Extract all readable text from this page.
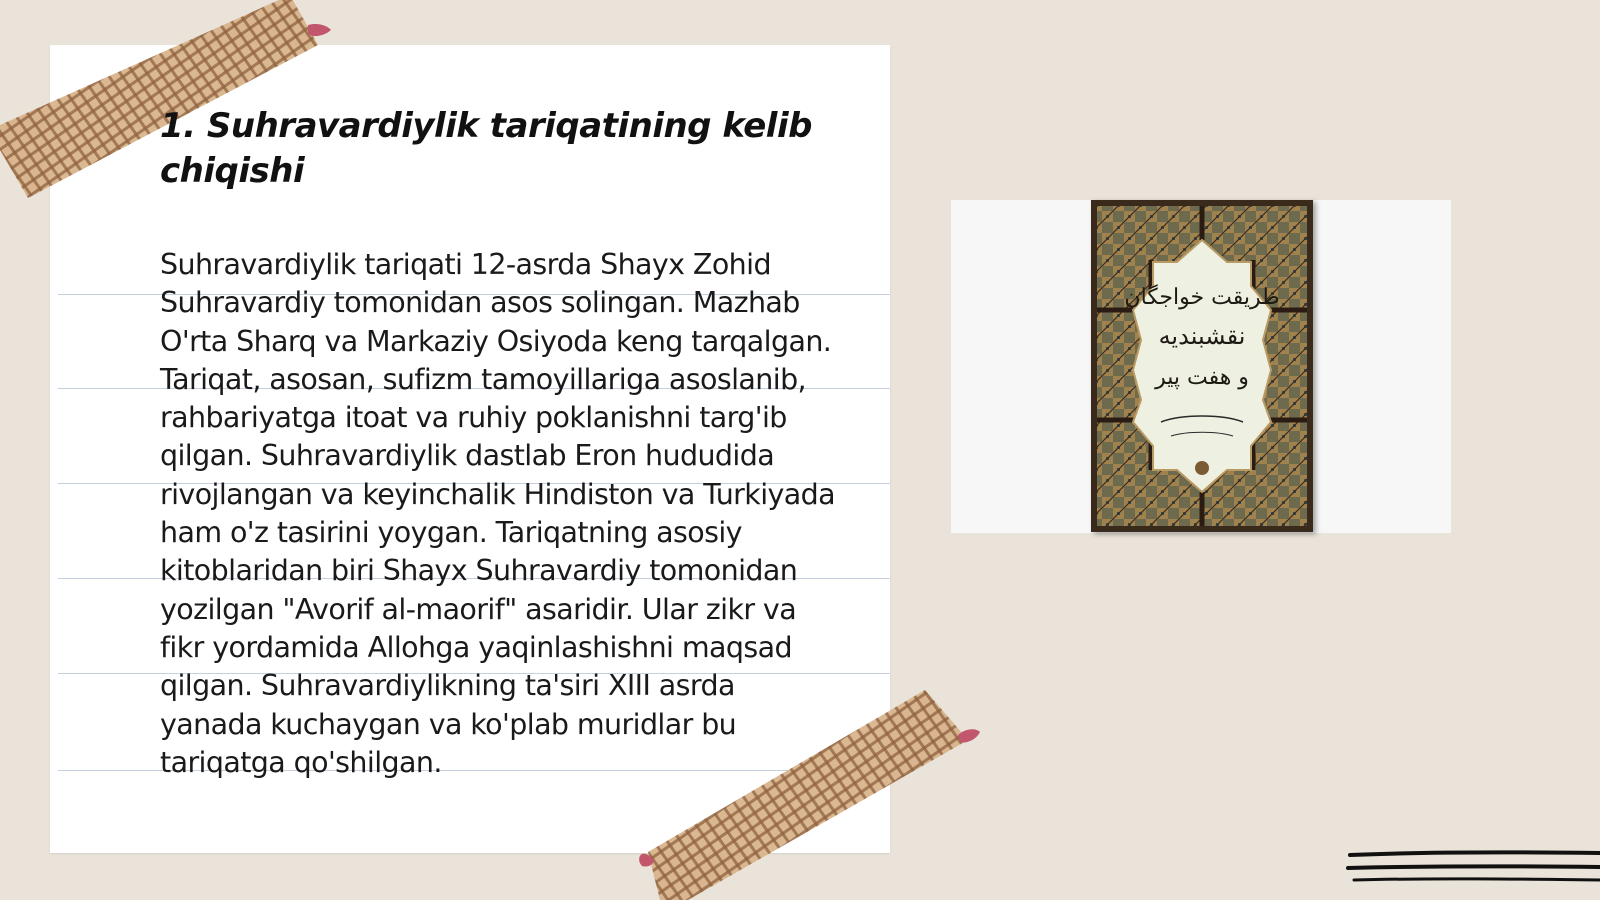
1. Suhravardiylik tariqatining kelib chiqishi

Suhravardiylik tariqati 12-asrda Shayx Zohid Suhravardiy tomonidan asos solingan. Mazhab O'rta Sharq va Markaziy Osiyoda keng tarqalgan. Tariqat, asosan, sufizm tamoyillariga asoslanib, rahbariyatga itoat va ruhiy poklanishni targ'ib qilgan. Suhravardiylik dastlab Eron hududida rivojlangan va keyinchalik Hindiston va Turkiyada ham o'z tasirini yoygan. Tariqatning asosiy kitoblaridan biri Shayx Suhravardiy tomonidan yozilgan "Avorif al-maorif" asaridir. Ular zikr va fikr yordamida Allohga yaqinlashishni maqsad qilgan. Suhravardiylikning ta'siri XIII asrda yanada kuchaygan va ko'plab muridlar bu tariqatga qo'shilgan.

طریقت خواجگان
نقشبندیه
و هفت پیر
